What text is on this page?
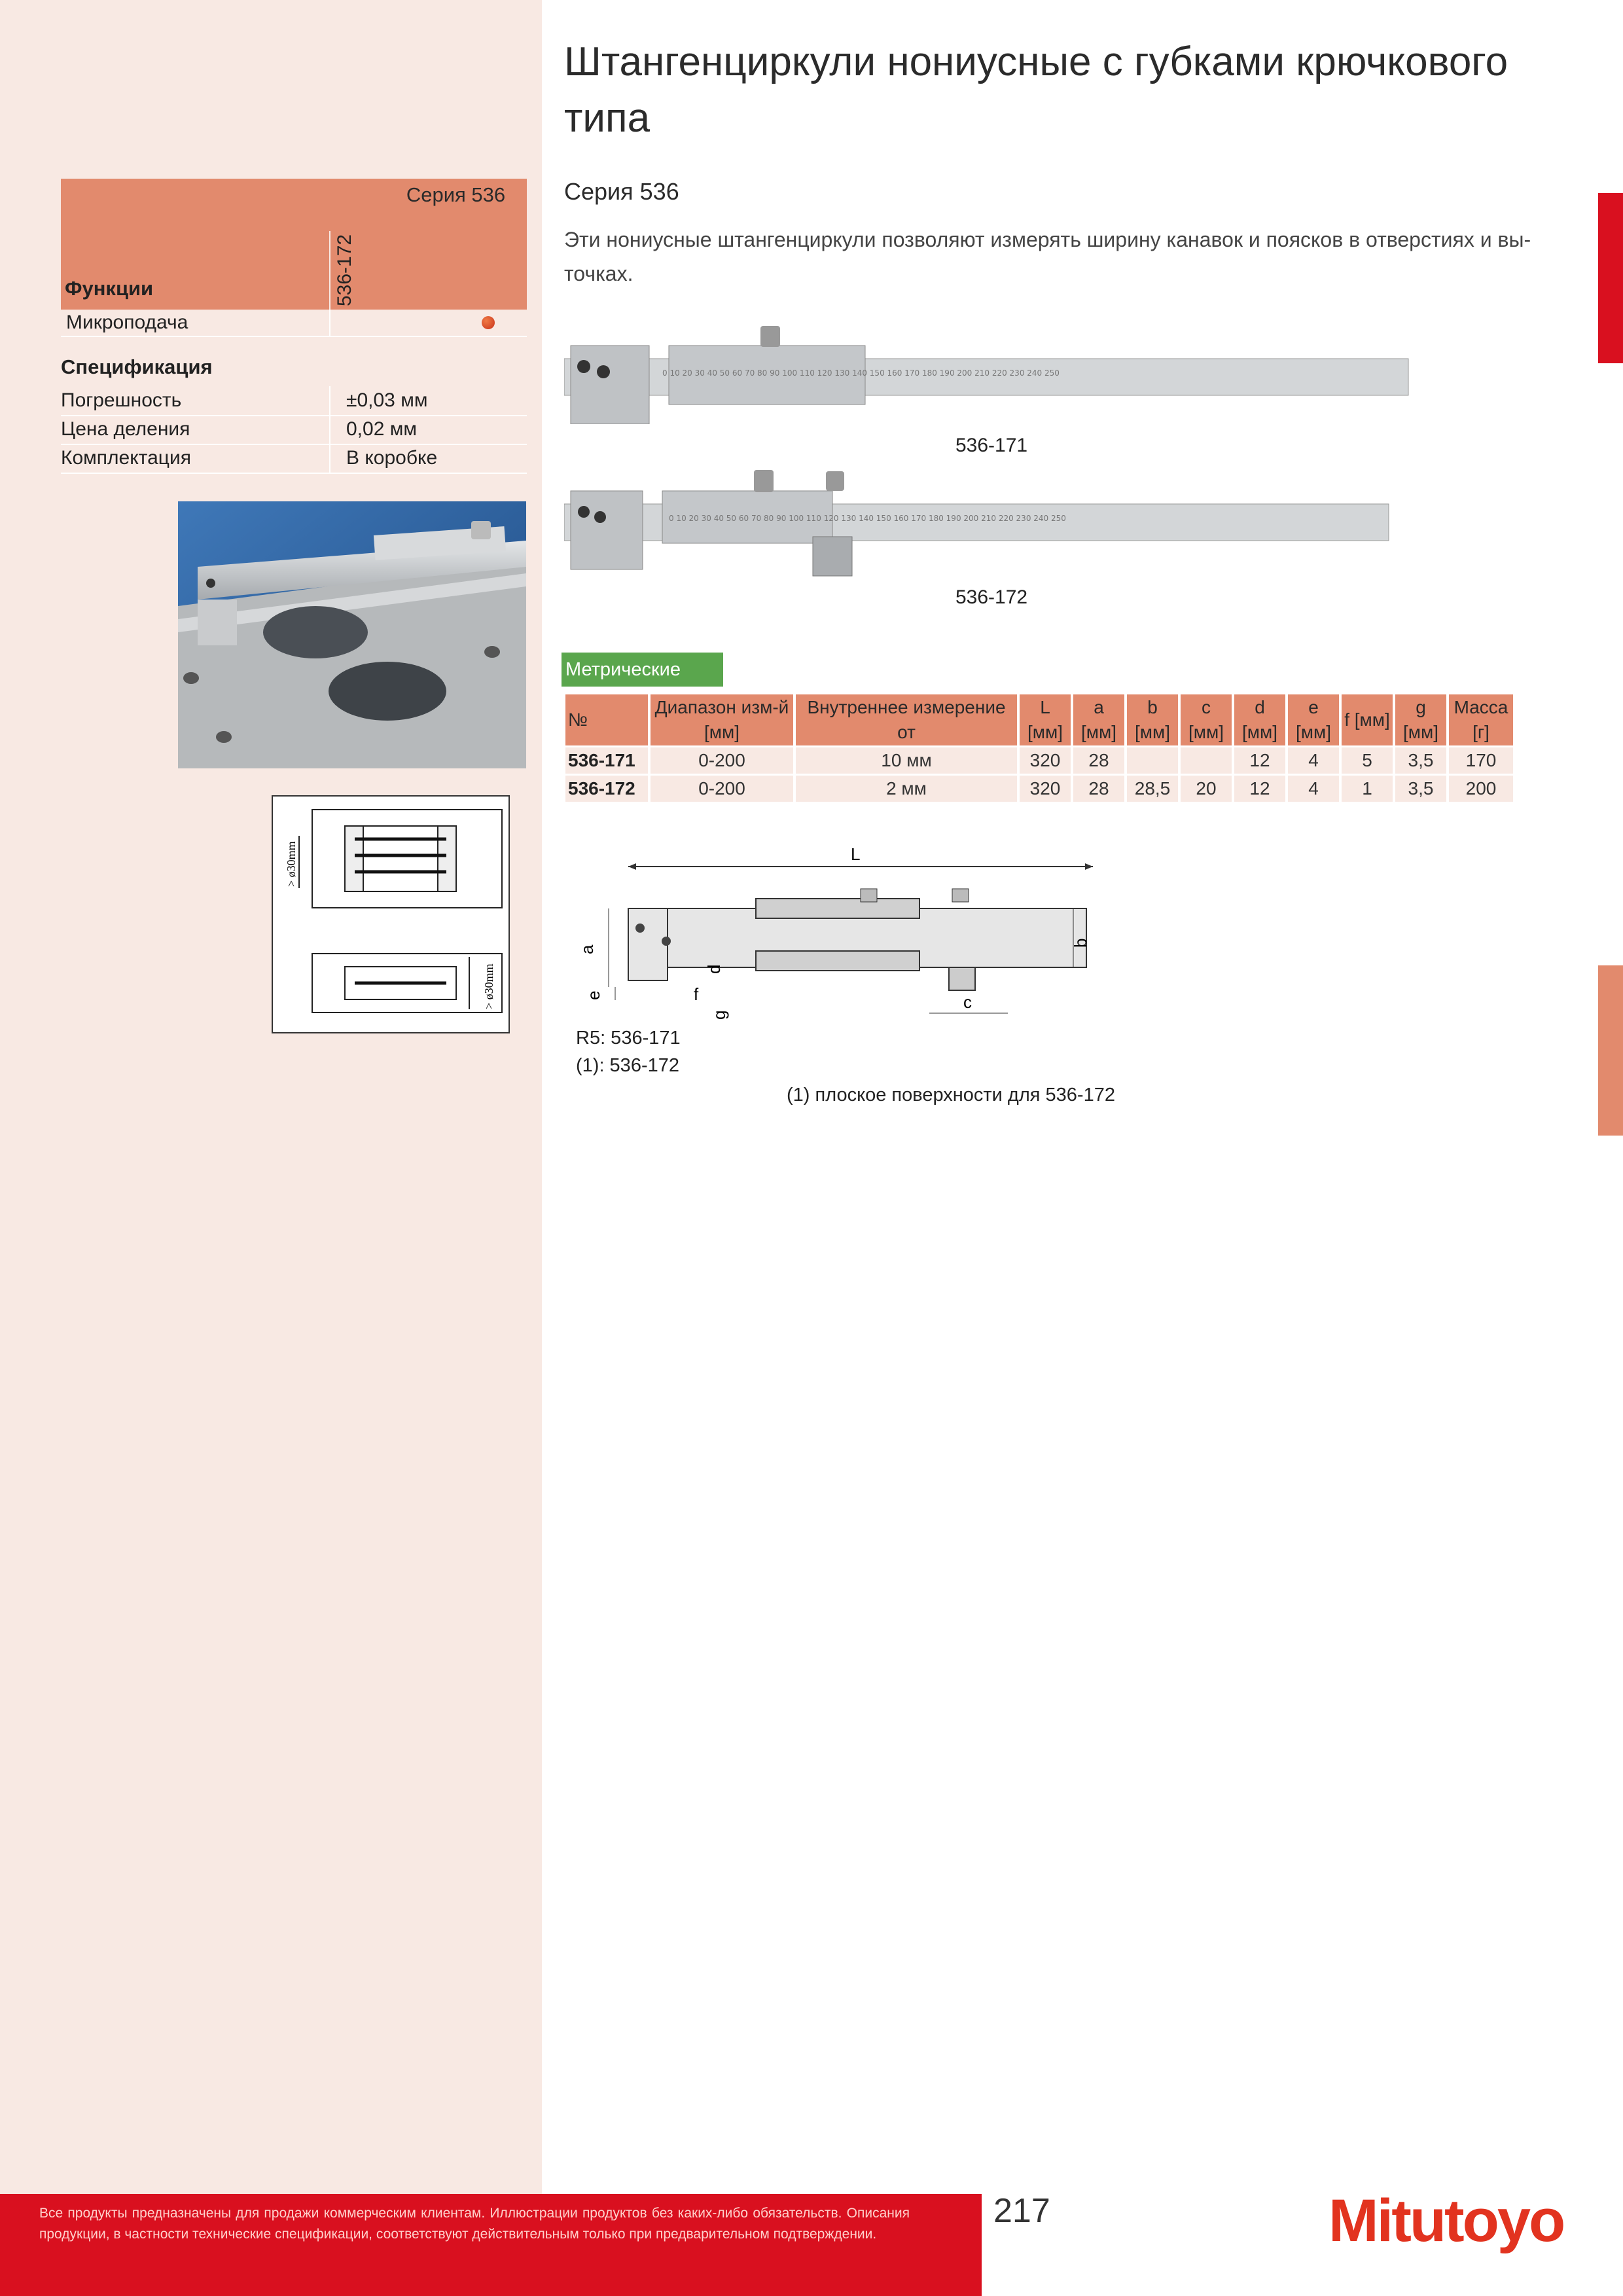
Серия 536
Функции	536-172
Микроподача
Спецификация
Погрешность	±0,03 мм
Цена деления	0,02 мм
Комплектация	В коробке
> ø30mm
> ø30mm
Штангенциркули нониусные с губками крючкового типа
Серия 536
Эти нониусные штангенциркули позволяют измерять ширину канавок и поясков в отверстиях и вы-точках.
0 10 20 30 40 50 60 70 80 90 100 110 120 130 140 150 160 170 180 190 200 210 220 230 240 250
536-171
0 10 20 30 40 50 60 70 80 90 100 110 120 130 140 150 160 170 180 190 200 210 220 230 240 250
536-172
Метрические
№	Диапазон изм-й [мм]	Внутреннее измерение от	L [мм]	a [мм]	b [мм]	c [мм]	d [мм]	e [мм]	f [мм]	g [мм]	Масса [г]
536-171	0-200	10 мм	320	28			12	4	5	3,5	170
536-172	0-200	2 мм	320	28	28,5	20	12	4	1	3,5	200
L
a
e	f
d
g
b
c
R5: 536-171
(1): 536-172
(1) плоское поверхности для 536-172
Все продукты предназначены для продажи коммерческим клиентам. Иллюстрации продуктов без каких-либо обязательств. Описания продукции, в частности технические спецификации, соответствуют действительным только при предварительном подтверждении.
217	Mitutoyo
